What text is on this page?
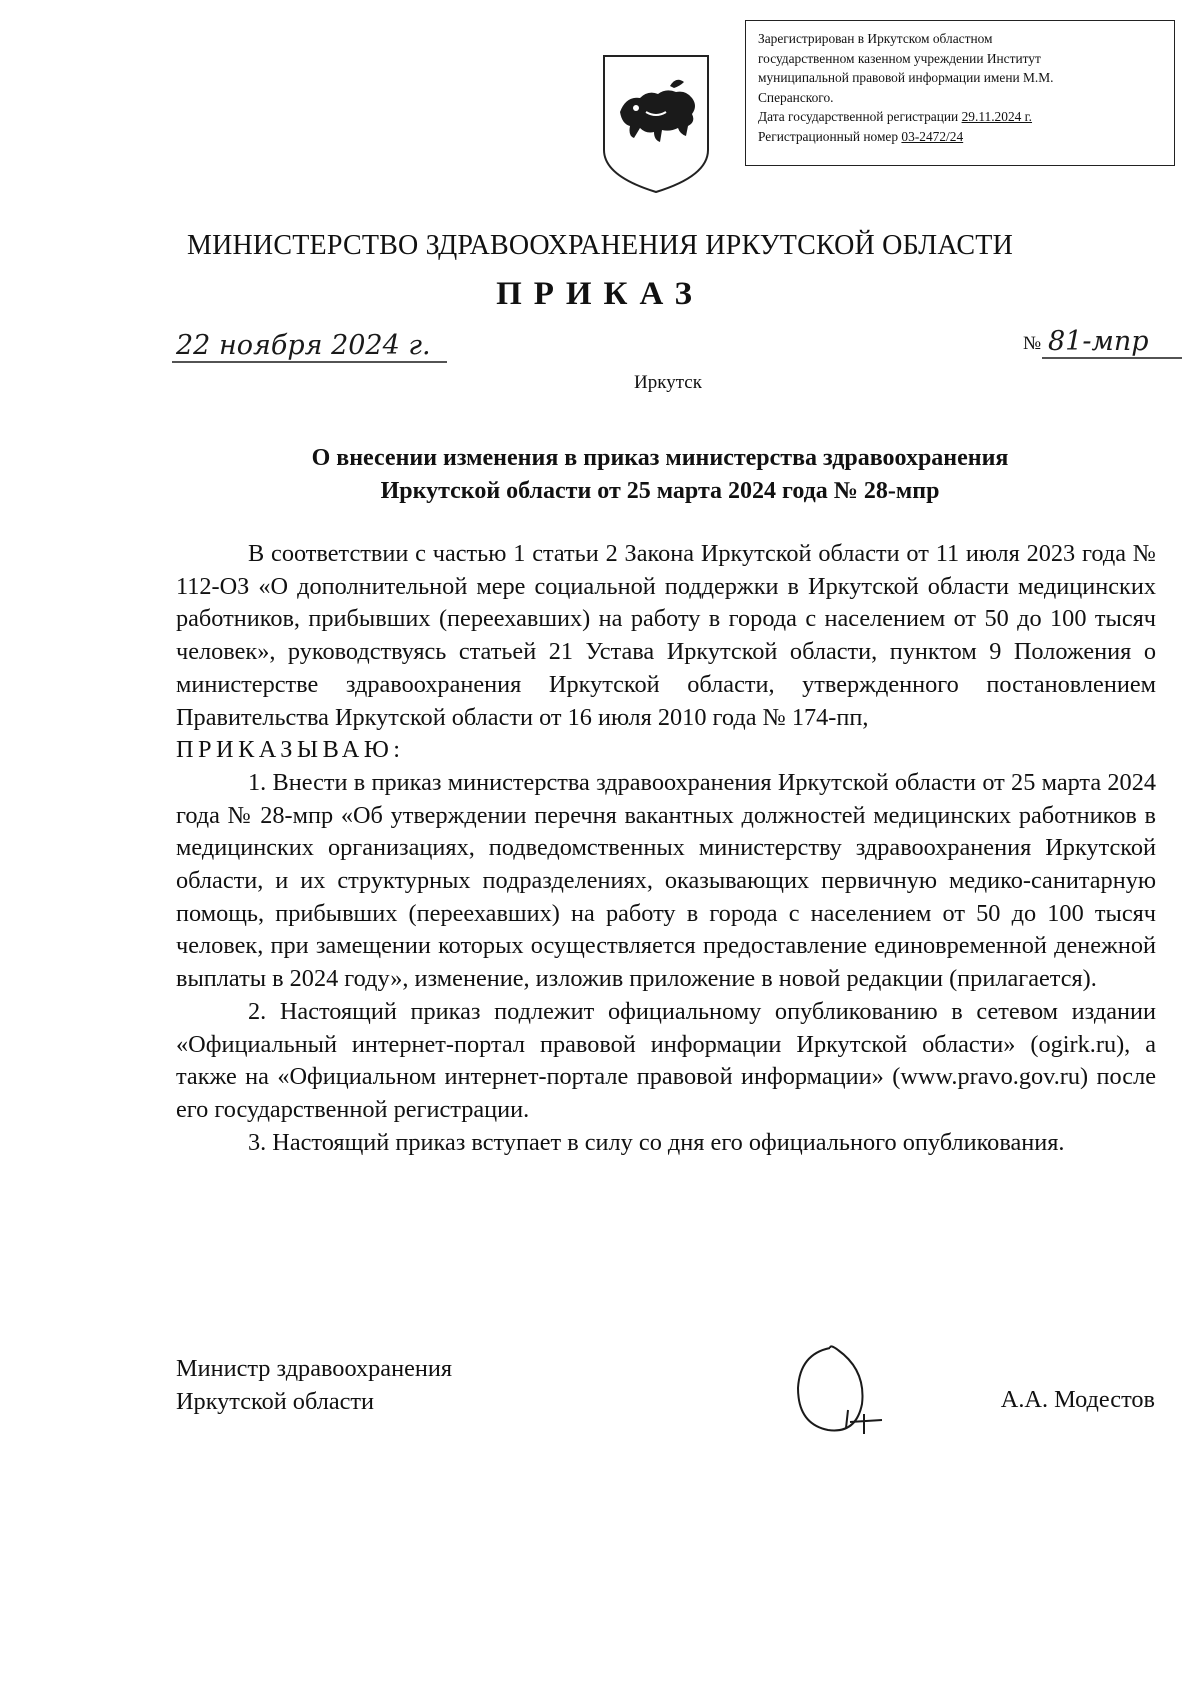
Зарегистрирован в Иркутском областном
государственном казенном учреждении Институт
муниципальной правовой информации имени М.М.
Сперанского.
Дата государственной регистрации 29.11.2024 г.
Регистрационный номер 03-2472/24
МИНИСТЕРСТВО ЗДРАВООХРАНЕНИЯ ИРКУТСКОЙ ОБЛАСТИ
ПРИКАЗ
22 ноября 2024 г.	№ 81-мпр
Иркутск
О внесении изменения в приказ министерства здравоохранения
Иркутской области от 25 марта 2024 года № 28-мпр

В соответствии с частью 1 статьи 2 Закона Иркутской области от 11 июля 2023 года № 112-ОЗ «О дополнительной мере социальной поддержки в Иркутской области медицинских работников, прибывших (переехавших) на работу в города с населением от 50 до 100 тысяч человек», руководствуясь статьей 21 Устава Иркутской области, пунктом 9 Положения о министерстве здравоохранения Иркутской области, утвержденного постановлением Правительства Иркутской области от 16 июля 2010 года № 174-пп,

ПРИКАЗЫВАЮ:

1. Внести в приказ министерства здравоохранения Иркутской области от 25 марта 2024 года № 28-мпр «Об утверждении перечня вакантных должностей медицинских работников в медицинских организациях, подведомственных министерству здравоохранения Иркутской области, и их структурных подразделениях, оказывающих первичную медико-санитарную помощь, прибывших (переехавших) на работу в города с населением от 50 до 100 тысяч человек, при замещении которых осуществляется предоставление единовременной денежной выплаты в 2024 году», изменение, изложив приложение в новой редакции (прилагается).

2. Настоящий приказ подлежит официальному опубликованию в сетевом издании «Официальный интернет-портал правовой информации Иркутской области» (ogirk.ru), а также на «Официальном интернет-портале правовой информации» (www.pravo.gov.ru) после его государственной регистрации.

3. Настоящий приказ вступает в силу со дня его официального опубликования.

Министр здравоохранения
Иркутской области	А.А. Модестов
